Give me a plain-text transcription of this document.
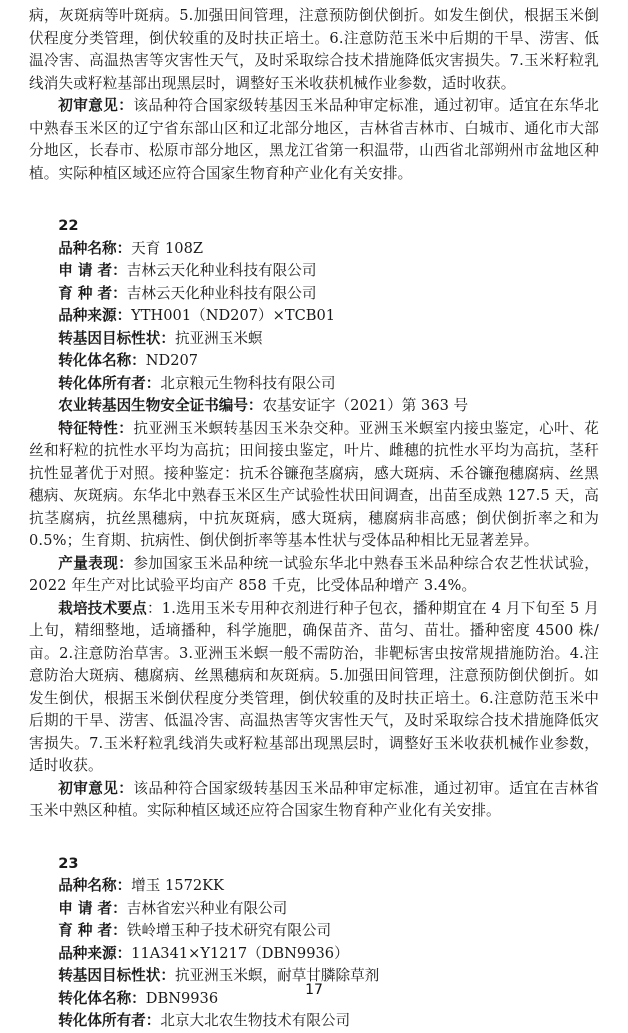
病，灰斑病等叶斑病。5.加强田间管理，注意预防倒伏倒折。如发生倒伏，根据玉米倒伏程度分类管理，倒伏较重的及时扶正培土。6.注意防范玉米中后期的干旱、涝害、低温冷害、高温热害等灾害性天气，及时采取综合技术措施降低灾害损失。7.玉米籽粒乳线消失或籽粒基部出现黑层时，调整好玉米收获机械作业参数，适时收获。

初审意见：该品种符合国家级转基因玉米品种审定标准，通过初审。适宜在东华北中熟春玉米区的辽宁省东部山区和辽北部分地区，吉林省吉林市、白城市、通化市大部分地区，长春市、松原市部分地区，黑龙江省第一积温带，山西省北部朔州市盆地区种植。实际种植区域还应符合国家生物育种产业化有关安排。

22

品种名称：天育 108Z

申 请 者：吉林云天化种业科技有限公司

育 种 者：吉林云天化种业科技有限公司

品种来源：YTH001（ND207）×TCB01

转基因目标性状：抗亚洲玉米螟

转化体名称：ND207

转化体所有者：北京粮元生物科技有限公司

农业转基因生物安全证书编号：农基安证字（2021）第 363 号

特征特性：抗亚洲玉米螟转基因玉米杂交种。亚洲玉米螟室内接虫鉴定，心叶、花丝和籽粒的抗性水平均为高抗；田间接虫鉴定，叶片、雌穗的抗性水平均为高抗，茎秆抗性显著优于对照。接种鉴定：抗禾谷镰孢茎腐病，感大斑病、禾谷镰孢穗腐病、丝黑穗病、灰斑病。东华北中熟春玉米区生产试验性状田间调查，出苗至成熟 127.5 天，高抗茎腐病，抗丝黑穗病，中抗灰斑病，感大斑病，穗腐病非高感；倒伏倒折率之和为 0.5%；生育期、抗病性、倒伏倒折率等基本性状与受体品种相比无显著差异。

产量表现：参加国家玉米品种统一试验东华北中熟春玉米品种综合农艺性状试验，2022 年生产对比试验平均亩产 858 千克，比受体品种增产 3.4%。

栽培技术要点：1.选用玉米专用种衣剂进行种子包衣，播种期宜在 4 月下旬至 5 月上旬，精细整地，适墒播种，科学施肥，确保苗齐、苗匀、苗壮。播种密度 4500 株/亩。2.注意防治草害。3.亚洲玉米螟一般不需防治，非靶标害虫按常规措施防治。4.注意防治大斑病、穗腐病、丝黑穗病和灰斑病。5.加强田间管理，注意预防倒伏倒折。如发生倒伏，根据玉米倒伏程度分类管理，倒伏较重的及时扶正培土。6.注意防范玉米中后期的干旱、涝害、低温冷害、高温热害等灾害性天气，及时采取综合技术措施降低灾害损失。7.玉米籽粒乳线消失或籽粒基部出现黑层时，调整好玉米收获机械作业参数，适时收获。

初审意见：该品种符合国家级转基因玉米品种审定标准，通过初审。适宜在吉林省玉米中熟区种植。实际种植区域还应符合国家生物育种产业化有关安排。

23

品种名称：增玉 1572KK

申 请 者：吉林省宏兴种业有限公司

育 种 者：铁岭增玉种子技术研究有限公司

品种来源：11A341×Y1217（DBN9936）

转基因目标性状：抗亚洲玉米螟，耐草甘膦除草剂

转化体名称：DBN9936

转化体所有者：北京大北农生物技术有限公司

17
